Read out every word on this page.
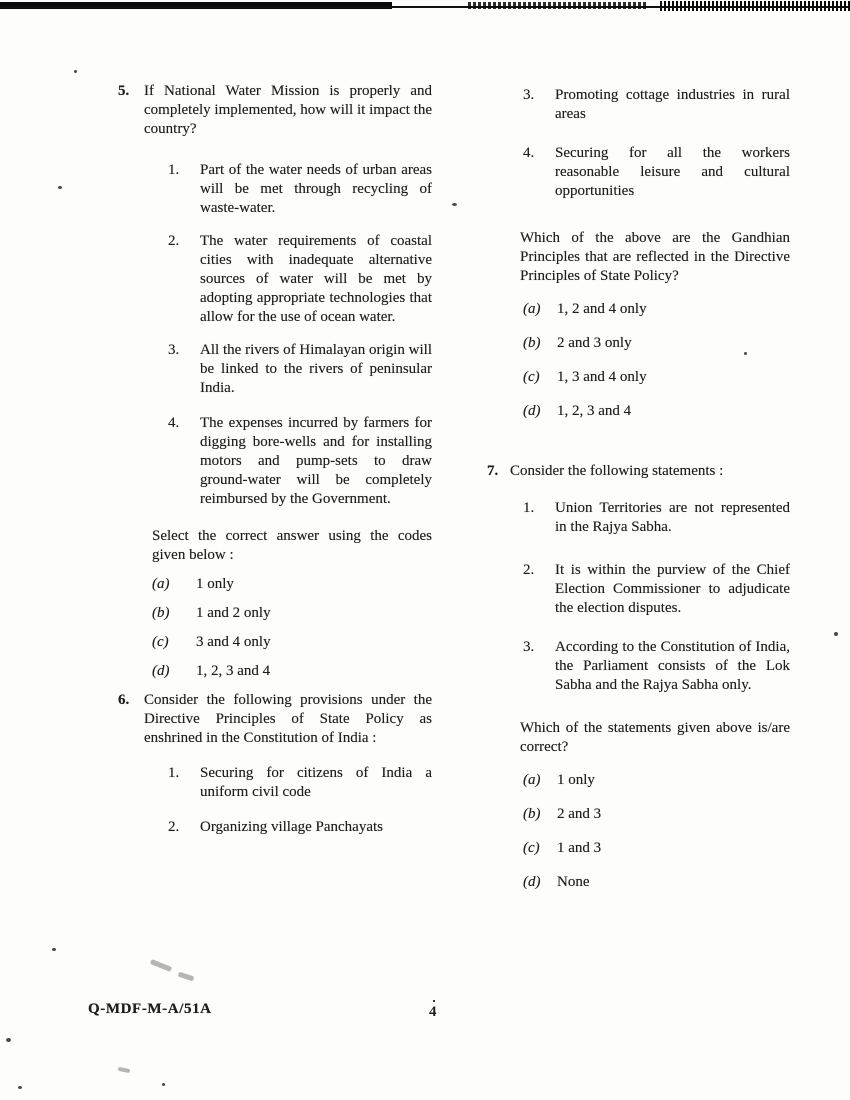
5. If National Water Mission is properly and completely implemented, how will it impact the country?
1.	Part of the water needs of urban areas will be met through recycling of waste-water.
2.	The water requirements of coastal cities with inadequate alternative sources of water will be met by adopting appropriate technologies that allow for the use of ocean water.
3.	All the rivers of Himalayan origin will be linked to the rivers of peninsular India.
4.	The expenses incurred by farmers for digging bore-wells and for installing motors and pump-sets to draw ground-water will be completely reimbursed by the Government.
Select the correct answer using the codes given below :
(a)	1 only
(b)	1 and 2 only
(c)	3 and 4 only
(d)	1, 2, 3 and 4
6. Consider the following provisions under the Directive Principles of State Policy as enshrined in the Constitution of India :
1.	Securing for citizens of India a uniform civil code
2.	Organizing village Panchayats
3.	Promoting cottage industries in rural areas
4.	Securing for all the workers reasonable leisure and cultural opportunities
Which of the above are the Gandhian Principles that are reflected in the Directive Principles of State Policy?
(a)	1, 2 and 4 only
(b)	2 and 3 only
(c)	1, 3 and 4 only
(d)	1, 2, 3 and 4
7. Consider the following statements :
1.	Union Territories are not represented in the Rajya Sabha.
2.	It is within the purview of the Chief Election Commissioner to adjudicate the election disputes.
3.	According to the Constitution of India, the Parliament consists of the Lok Sabha and the Rajya Sabha only.
Which of the statements given above is/are correct?
(a)	1 only
(b)	2 and 3
(c)	1 and 3
(d)	None
Q-MDF-M-A/51A	4
